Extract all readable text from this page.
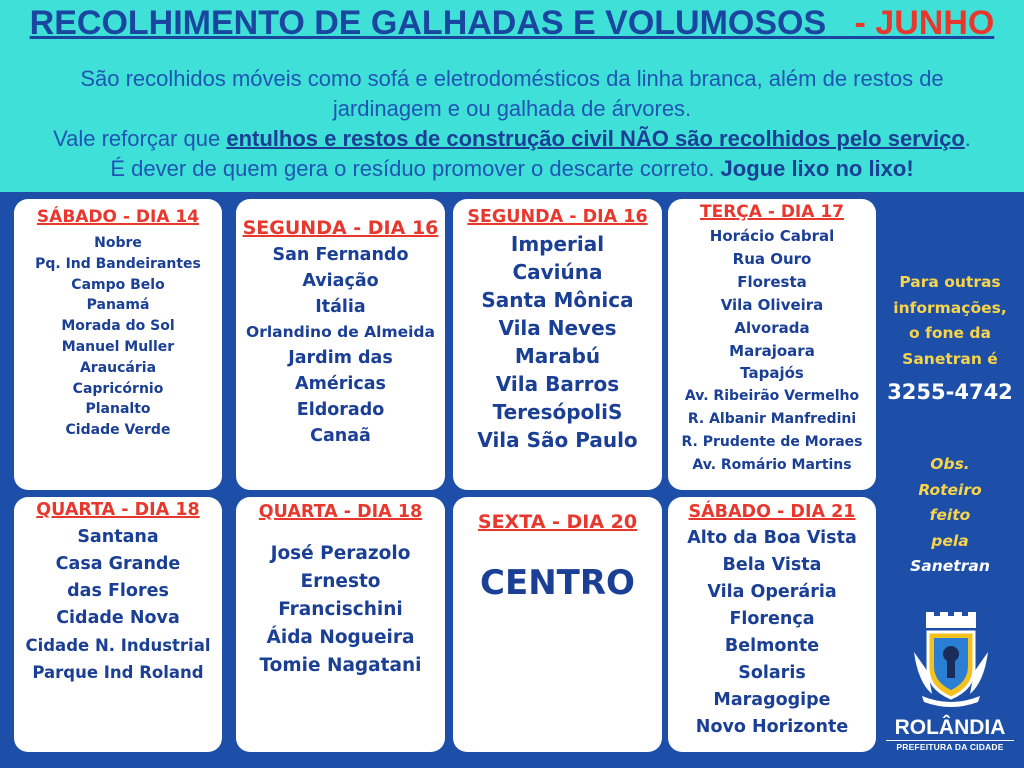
RECOLHIMENTO DE GALHADAS E VOLUMOSOS - JUNHO
São recolhidos móveis como sofá e eletrodomésticos da linha branca, além de restos de
jardinagem e ou galhada de árvores.
Vale reforçar que entulhos e restos de construção civil NÃO são recolhidos pelo serviço.
É dever de quem gera o resíduo promover o descarte correto. Jogue lixo no lixo!
SÁBADO - DIA 14
Nobre
Pq. Ind Bandeirantes
Campo Belo
Panamá
Morada do Sol
Manuel Muller
Araucária
Capricórnio
Planalto
Cidade Verde
SEGUNDA - DIA 16
San Fernando
Aviação
Itália
Orlandino de Almeida
Jardim das
Américas
Eldorado
Canaã
SEGUNDA - DIA 16
Imperial
Caviúna
Santa Mônica
Vila Neves
Marabú
Vila Barros
TeresópoliS
Vila São Paulo
TERÇA - DIA 17
Horácio Cabral
Rua Ouro
Floresta
Vila Oliveira
Alvorada
Marajoara
Tapajós
Av. Ribeirão Vermelho
R. Albanir Manfredini
R. Prudente de Moraes
Av. Romário Martins
QUARTA - DIA 18
Santana
Casa Grande
das Flores
Cidade Nova
Cidade N. Industrial
Parque Ind Roland
QUARTA - DIA 18
José Perazolo
Ernesto
Francischini
Áida Nogueira
Tomie Nagatani
SEXTA - DIA 20
CENTRO
SÁBADO - DIA 21
Alto da Boa Vista
Bela Vista
Vila Operária
Florença
Belmonte
Solaris
Maragogipe
Novo Horizonte
Para outras
informações,
o fone da
Sanetran é
3255-4742
Obs.
Roteiro
feito
pela
Sanetran
ROLÂNDIA
PREFEITURA DA CIDADE
